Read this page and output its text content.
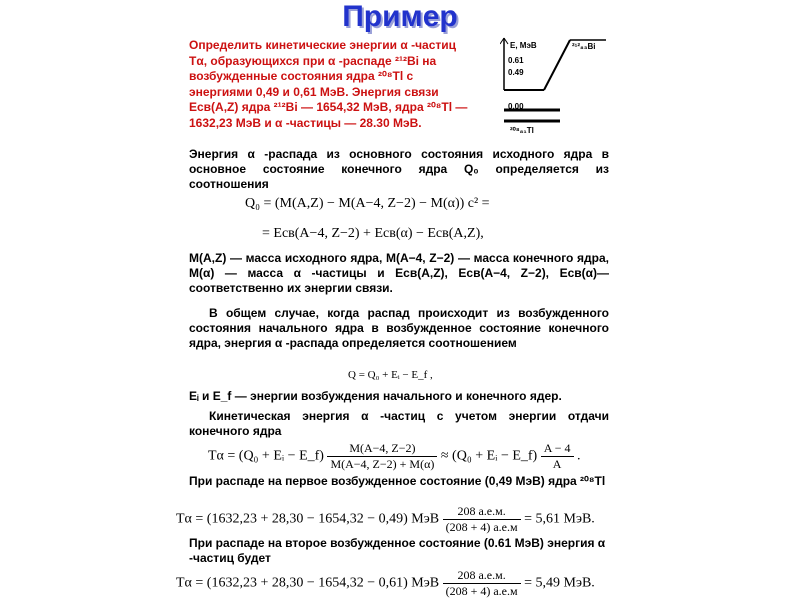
Пример
Определить кинетические энергии α -частиц
Tα, образующихся при α -распаде ²¹²Bi на
возбужденные состояния ядра ²⁰⁸Tl с
энергиями 0,49 и 0,61 МэВ. Энергия связи
Eсв(A,Z) ядра ²¹²Bi — 1654,32 МэВ, ядра ²⁰⁸Tl —
1632,23 МэВ и α -частицы — 28.30 МэВ.
E, МэВ
0.61
0.49
0.00
²¹²₈₃Bi
²⁰⁸₈₁Tl
Энергия α -распада из основного состояния исходного ядра в основное состояние конечного ядра Q₀ определяется из соотношения
Q₀ = (M(A,Z) − M(A−4, Z−2) − M(α)) c² =
= Eсв(A−4, Z−2) + Eсв(α) − Eсв(A,Z),
M(A,Z) — масса исходного ядра, M(A−4, Z−2) — масса конечного ядра, M(α) — масса α -частицы и Eсв(A,Z), Eсв(A−4, Z−2), Eсв(α)— соответственно их энергии связи.
В общем случае, когда распад происходит из возбужденного состояния начального ядра в возбужденное состояние конечного ядра, энергия α -распада определяется соотношением
Q = Q₀ + Eᵢ − E_f ,
Eᵢ и E_f — энергии возбуждения начального и конечного ядер.
Кинетическая энергия α -частиц с учетом энергии отдачи конечного ядра
Tα = (Q₀ + Eᵢ − E_f) $\frac{M(A-4, Z-2)}{M(A-4, Z-2) + M(\alpha)} \approx (Q_0$ + Eᵢ − E_f) $\frac{A - 4}{A}$ .
При распаде на первое возбужденное состояние (0,49 МэВ) ядра ²⁰⁸Tl
Tα = (1632,23 + 28,30 − 1654,32 − 0,49) МэВ $\frac{208 а.е.м.}{(208 + 4) а.е.м} = 5,61$ МэВ.
При распаде на второе возбужденное состояние (0.61 МэВ) энергия α -частиц будет
Tα = (1632,23 + 28,30 − 1654,32 − 0,61) МэВ $\frac{208 а.е.м.}{(208 + 4) а.е.м} = 5,49$ МэВ.
